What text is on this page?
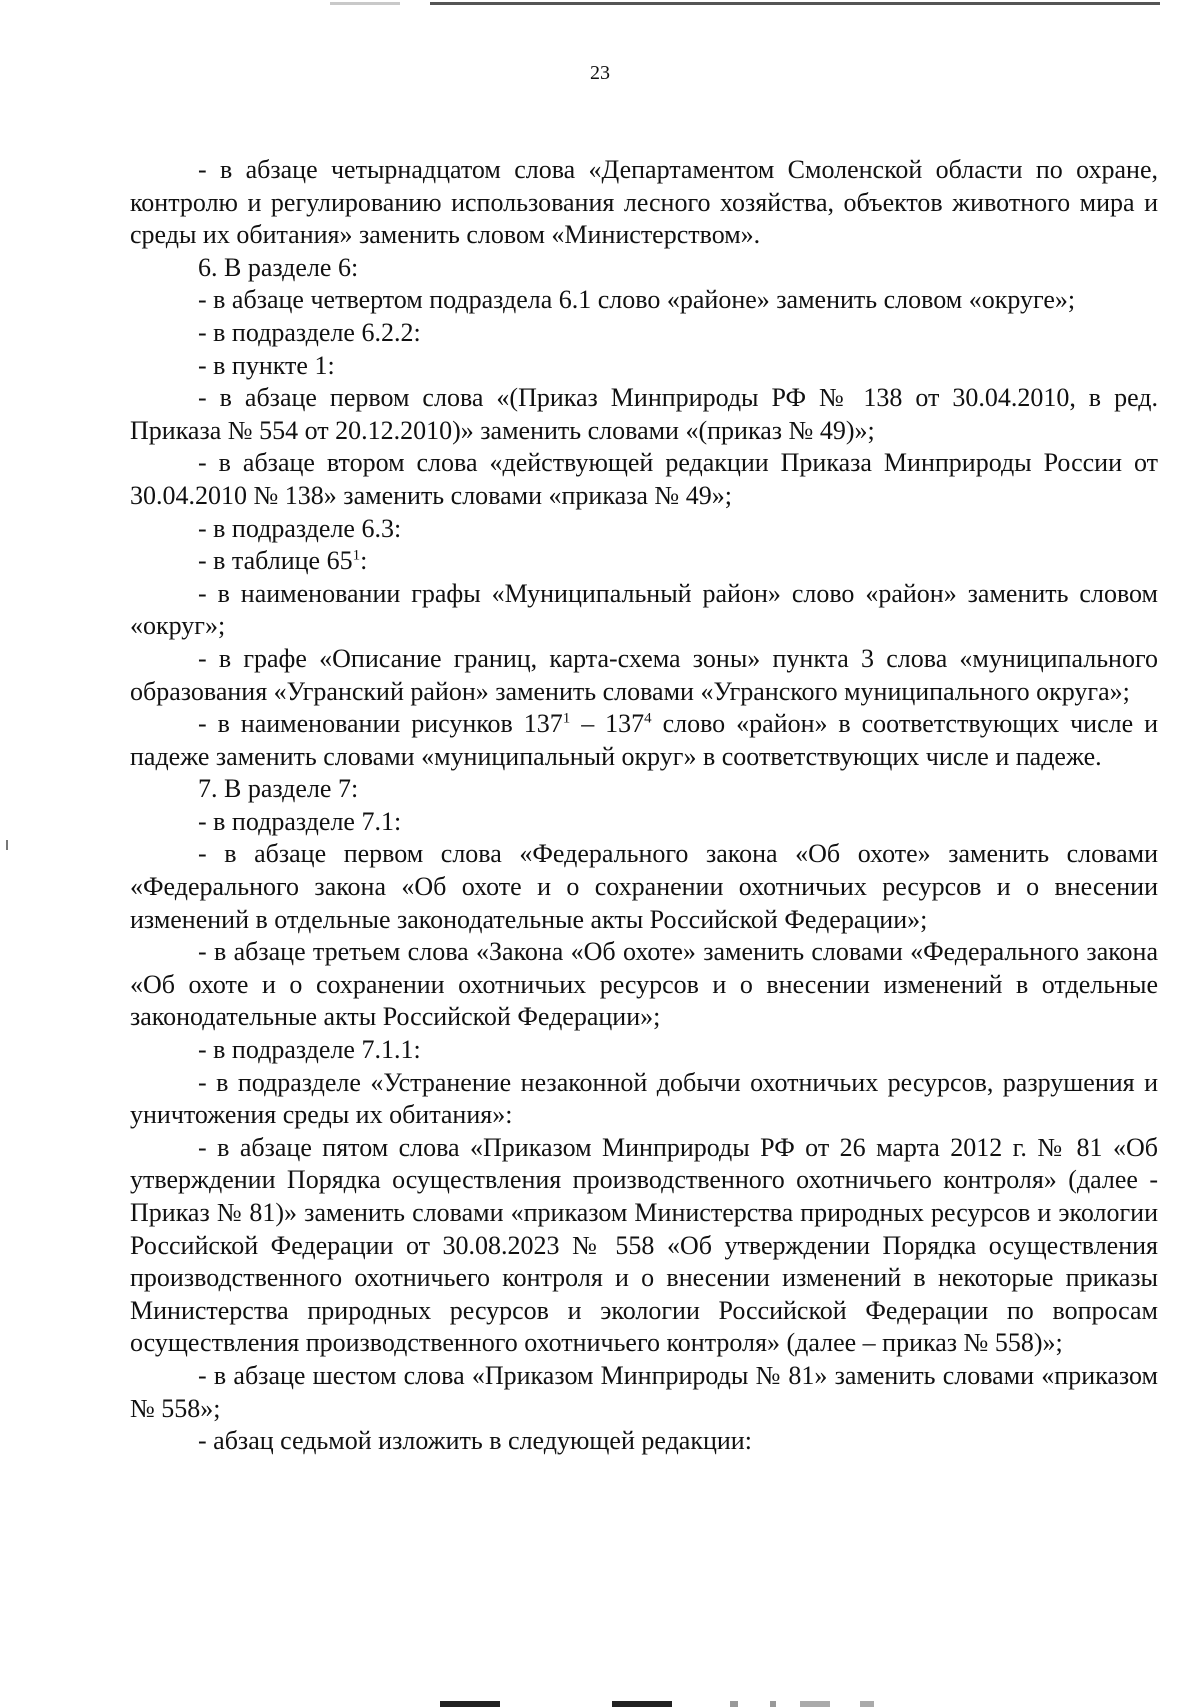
23

- в абзаце четырнадцатом слова «Департаментом Смоленской области по охране, контролю и регулированию использования лесного хозяйства, объектов животного мира и среды их обитания» заменить словом «Министерством».

6. В разделе 6:

- в абзаце четвертом подраздела 6.1 слово «районе» заменить словом «округе»;

- в подразделе 6.2.2:

- в пункте 1:

- в абзаце первом слова «(Приказ Минприроды РФ № 138 от 30.04.2010, в ред. Приказа № 554 от 20.12.2010)» заменить словами «(приказ № 49)»;

- в абзаце втором слова «действующей редакции Приказа Минприроды России от 30.04.2010 № 138» заменить словами «приказа № 49»;

- в подразделе 6.3:

- в таблице $65^1$:

- в наименовании графы «Муниципальный район» слово «район» заменить словом «округ»;

- в графе «Описание границ, карта-схема зоны» пункта 3 слова «муниципального образования «Угранский район» заменить словами «Угранского муниципального округа»;

- в наименовании рисунков $137^1 - 137^4$ слово «район» в соответствующих числе и падеже заменить словами «муниципальный округ» в соответствующих числе и падеже.

7. В разделе 7:

- в подразделе 7.1:

- в абзаце первом слова «Федерального закона «Об охоте» заменить словами «Федерального закона «Об охоте и о сохранении охотничьих ресурсов и о внесении изменений в отдельные законодательные акты Российской Федерации»;

- в абзаце третьем слова «Закона «Об охоте» заменить словами «Федерального закона «Об охоте и о сохранении охотничьих ресурсов и о внесении изменений в отдельные законодательные акты Российской Федерации»;

- в подразделе 7.1.1:

- в подразделе «Устранение незаконной добычи охотничьих ресурсов, разрушения и уничтожения среды их обитания»:

- в абзаце пятом слова «Приказом Минприроды РФ от 26 марта 2012 г. № 81 «Об утверждении Порядка осуществления производственного охотничьего контроля» (далее - Приказ № 81)» заменить словами «приказом Министерства природных ресурсов и экологии Российской Федерации от 30.08.2023 № 558 «Об утверждении Порядка осуществления производственного охотничьего контроля и о внесении изменений в некоторые приказы Министерства природных ресурсов и экологии Российской Федерации по вопросам осуществления производственного охотничьего контроля» (далее – приказ № 558)»;

- в абзаце шестом слова «Приказом Минприроды № 81» заменить словами «приказом № 558»;

- абзац седьмой изложить в следующей редакции:
